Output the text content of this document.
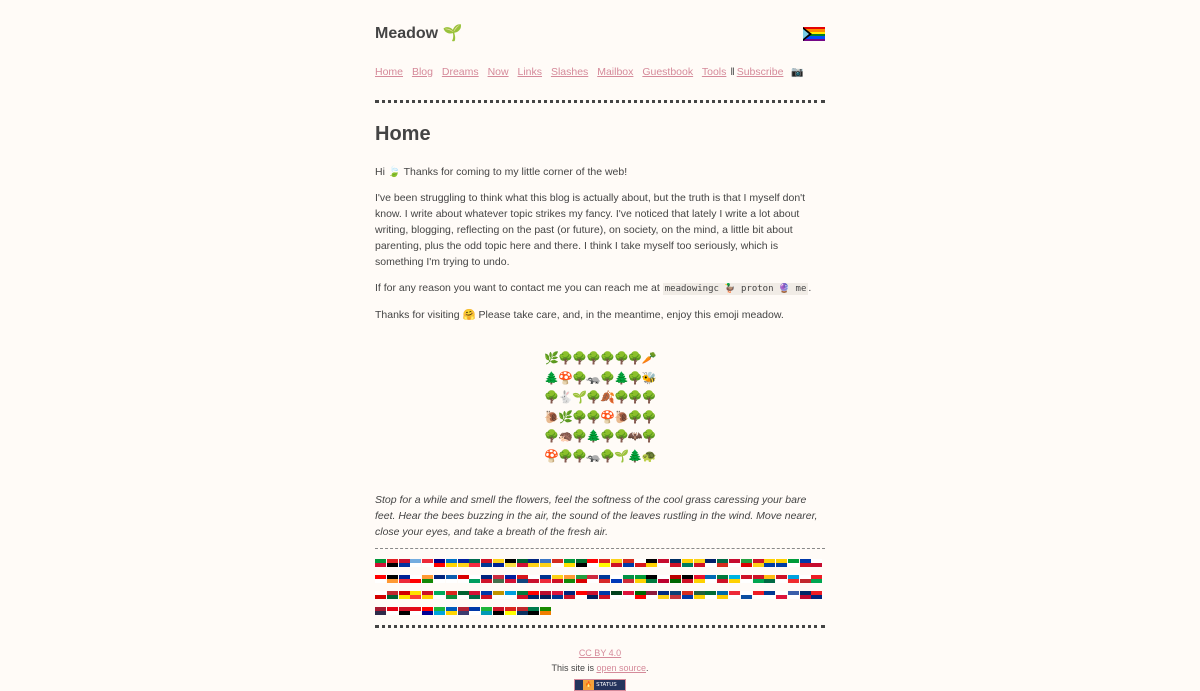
Meadow 🌱
Home Blog Dreams Now Links Slashes Mailbox Guestbook Tools ‖ Subscribe 📷
Home

Hi 🍃 Thanks for coming to my little corner of the web!

I've been struggling to think what this blog is actually about, but the truth is that I myself don't know. I write about whatever topic strikes my fancy. I've noticed that lately I write a lot about writing, blogging, reflecting on the past (or future), on society, on the mind, a little bit about parenting, plus the odd topic here and there. I think I take myself too seriously, which is something I'm trying to undo.

If for any reason you want to contact me you can reach me at meadowingc 🦆 proton 🔮 me .

Thanks for visiting 🤗 Please take care, and, in the meantime, enjoy this emoji meadow.

🌿🌳🌳🌳🌳🌳🌳🥕
🌲🍄🌳🦡🌳🌲🌳🐝
🌳🐇🌱🌳🍂🌳🌳🌳
🐌🌿🌳🌳🍄🐌🌳🌳
🌳🦔🌳🌲🌳🌳🦇🌳
🍄🌳🌳🦡🌳🌱🌲🐢

Stop for a while and smell the flowers, feel the softness of the cool grass caressing your bare feet. Hear the bees buzzing in the air, the sound of the leaves rustling in the wind. Move nearer, close your eyes, and take a breath of the fresh air.

CC BY 4.0
This site is open source.
🔥 STATUS
